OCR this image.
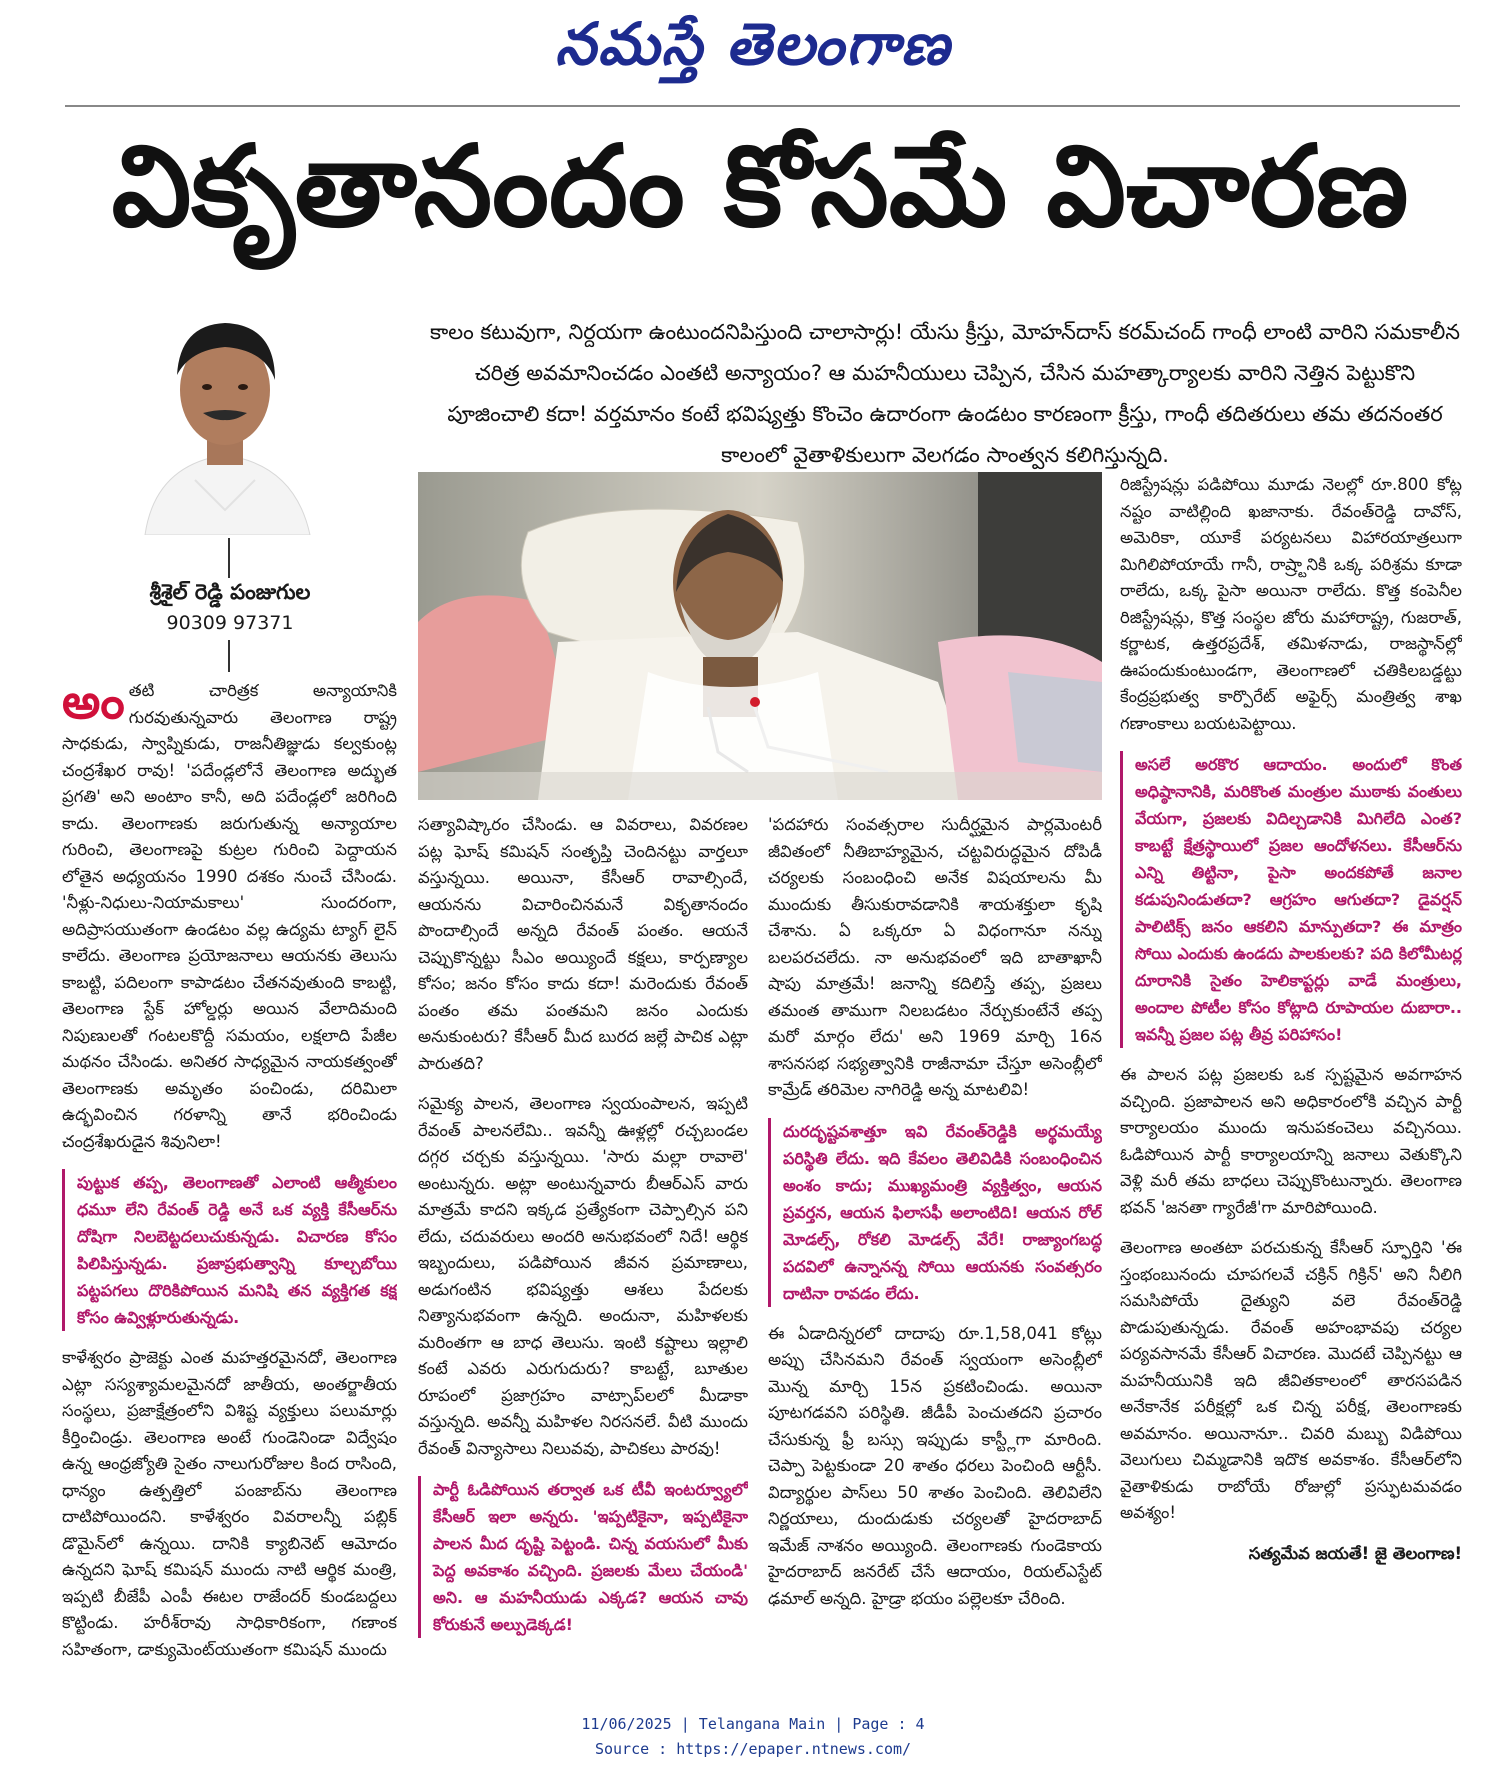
నమస్తే తెలంగాణ
వికృతానందం కోసమే విచారణ
శ్రీశైల్ రెడ్డి పంజుగుల
90309 97371
కాలం కటువుగా, నిర్దయగా ఉంటుందనిపిస్తుంది చాలాసార్లు! యేసు క్రీస్తు, మోహన్‌దాస్ కరమ్‌చంద్ గాంధీ లాంటి వారిని సమకాలీన చరిత్ర అవమానించడం ఎంతటి అన్యాయం? ఆ మహనీయులు చెప్పిన, చేసిన మహత్కార్యాలకు వారిని నెత్తిన పెట్టుకొని పూజించాలి కదా! వర్తమానం కంటే భవిష్యత్తు కొంచెం ఉదారంగా ఉండటం కారణంగా క్రీస్తు, గాంధీ తదితరులు తమ తదనంతర కాలంలో వైతాళికులుగా వెలగడం సాంత్వన కలిగిస్తున్నది.

అంతటి చారిత్రక అన్యాయానికి గురవుతున్నవారు తెలంగాణ రాష్ట్ర సాధకుడు, స్వాప్నికుడు, రాజనీతిజ్ఞుడు కల్వకుంట్ల చంద్రశేఖర రావు! 'పదేండ్లలోనే తెలంగాణ అద్భుత ప్రగతి' అని అంటాం కానీ, అది పదేండ్లలో జరిగింది కాదు. తెలంగాణకు జరుగుతున్న అన్యాయాల గురించి, తెలంగాణపై కుట్రల గురించి పెద్దాయన లోతైన అధ్యయనం 1990 దశకం నుంచే చేసిండు. 'నీళ్లు-నిధులు-నియామకాలు' సుందరంగా, అదిప్రాసయుతంగా ఉండటం వల్ల ఉద్యమ ట్యాగ్ లైన్ కాలేదు. తెలంగాణ ప్రయోజనాలు ఆయనకు తెలుసు కాబట్టి, పదిలంగా కాపాడటం చేతనవుతుంది కాబట్టి, తెలంగాణ స్టేక్ హోల్డర్లు అయిన వేలాదిమంది నిపుణులతో గంటలకొద్దీ సమయం, లక్షలాది పేజీల మథనం చేసిండు. అనితర సాధ్యమైన నాయకత్వంతో తెలంగాణకు అమృతం పంచిండు, దరిమిలా ఉద్భవించిన గరళాన్ని తానే భరించిండు చంద్రశేఖరుడైన శివునిలా!

పుట్టుక తప్ప, తెలంగాణతో ఎలాంటి ఆత్మీకులం ధమూ లేని రేవంత్ రెడ్డి అనే ఒక వ్యక్తి కేసీఆర్‌ను దోషిగా నిలబెట్టదలుచుకున్నడు. విచారణ కోసం పిలిపిస్తున్నడు. ప్రజాప్రభుత్వాన్ని కూల్చబోయి పట్టపగలు దొరికిపోయిన మనిషి తన వ్యక్తిగత కక్ష కోసం ఉవ్విళ్లూరుతున్నడు.

కాళేశ్వరం ప్రాజెక్టు ఎంత మహత్తరమైనదో, తెలంగాణ ఎట్లా సస్యశ్యామలమైనదో జాతీయ, అంతర్జాతీయ సంస్థలు, ప్రజాక్షేత్రంలోని విశిష్ట వ్యక్తులు పలుమార్లు కీర్తించిండ్రు. తెలంగాణ అంటే గుండెనిండా విద్వేషం ఉన్న ఆంధ్రజ్యోతి సైతం నాలుగురోజుల కింద రాసింది, ధాన్యం ఉత్పత్తిలో పంజాబ్‌ను తెలంగాణ దాటిపోయిందని. కాళేశ్వరం వివరాలన్నీ పబ్లిక్ డొమైన్‌లో ఉన్నయి. దానికి క్యాబినెట్ ఆమోదం ఉన్నదని ఘోష్ కమిషన్ ముందు నాటి ఆర్థిక మంత్రి, ఇప్పటి బీజేపీ ఎంపీ ఈటల రాజేందర్ కుండబద్దలు కొట్టిండు. హరీశ్‌రావు సాధికారికంగా, గణాంక సహితంగా, డాక్యుమెంట్‌యుతంగా కమిషన్ ముందు

సత్యావిష్కారం చేసిండు. ఆ వివరాలు, వివరణల పట్ల ఘోష్ కమిషన్ సంతృప్తి చెందినట్టు వార్తలూ వస్తున్నయి. అయినా, కేసీఆర్ రావాల్సిందే, ఆయనను విచారించినమనే వికృతానందం పొందాల్సిందే అన్నది రేవంత్ పంతం. ఆయనే చెప్పుకొన్నట్టు సీఎం అయ్యిందే కక్షలు, కార్పణ్యాల కోసం; జనం కోసం కాదు కదా! మరెందుకు రేవంత్ పంతం తమ పంతమని జనం ఎందుకు అనుకుంటరు? కేసీఆర్ మీద బురద జల్లే పాచిక ఎట్లా పారుతది?

సమైక్య పాలన, తెలంగాణ స్వయంపాలన, ఇప్పటి రేవంత్ పాలనలేమి.. ఇవన్నీ ఊళ్లల్లో రచ్చబండల దగ్గర చర్చకు వస్తున్నయి. 'సారు మల్లా రావాలె' అంటున్నరు. అట్లా అంటున్నవారు బీఆర్‌ఎస్ వారు మాత్రమే కాదని ఇక్కడ ప్రత్యేకంగా చెప్పాల్సిన పని లేదు, చదువరులు అందరి అనుభవంలో నిదే! ఆర్థిక ఇబ్బందులు, పడిపోయిన జీవన ప్రమాణాలు, అడుగంటిన భవిష్యత్తు ఆశలు పేదలకు నిత్యానుభవంగా ఉన్నది. అందునా, మహిళలకు మరింతగా ఆ బాధ తెలుసు. ఇంటి కష్టాలు ఇల్లాలి కంటే ఎవరు ఎరుగుదురు? కాబట్టే, బూతుల రూపంలో ప్రజాగ్రహం వాట్సాప్‌లలో మీడాకా వస్తున్నది. అవన్నీ మహిళల నిరసనలే. వీటి ముందు రేవంత్ విన్యాసాలు నిలువవు, పాచికలు పారవు!

పార్టీ ఓడిపోయిన తర్వాత ఒక టీవీ ఇంటర్వ్యూలో కేసీఆర్ ఇలా అన్నరు. 'ఇప్పటికైనా, ఇప్పటికైనా పాలన మీద దృష్టి పెట్టండి. చిన్న వయసులో మీకు పెద్ద అవకాశం వచ్చింది. ప్రజలకు మేలు చేయండి' అని. ఆ మహనీయుడు ఎక్కడ? ఆయన చావు కోరుకునే అల్పుడెక్కడ!

'పదహారు సంవత్సరాల సుదీర్ఘమైన పార్లమెంటరీ జీవితంలో నీతిబాహ్యమైన, చట్టవిరుద్ధమైన దోపిడీ చర్యలకు సంబంధించి అనేక విషయాలను మీ ముందుకు తీసుకురావడానికి శాయశక్తులా కృషి చేశాను. ఏ ఒక్కరూ ఏ విధంగానూ నన్ను బలపరచలేదు. నా అనుభవంలో ఇది బాతాఖానీ షాపు మాత్రమే! జనాన్ని కదిలిస్తే తప్ప, ప్రజలు తమంత తాముగా నిలబడటం నేర్చుకుంటేనే తప్ప మరో మార్గం లేదు' అని 1969 మార్చి 16న శాసనసభ సభ్యత్వానికి రాజీనామా చేస్తూ అసెంబ్లీలో కామ్రేడ్ తరిమెల నాగిరెడ్డి అన్న మాటలివి!

దురదృష్టవశాత్తూ ఇవి రేవంత్‌రెడ్డికి అర్థమయ్యే పరిస్థితి లేదు. ఇది కేవలం తెలివిడికి సంబంధించిన అంశం కాదు; ముఖ్యమంత్రి వ్యక్తిత్వం, ఆయన ప్రవర్తన, ఆయన ఫిలాసఫీ అలాంటిది! ఆయన రోల్ మోడల్స్, రోకలి మోడల్స్ వేరే! రాజ్యాంగబద్ధ పదవిలో ఉన్నానన్న సోయి ఆయనకు సంవత్సరం దాటినా రావడం లేదు.

ఈ ఏడాదిన్నరలో దాదాపు రూ.1,58,041 కోట్లు అప్పు చేసినమని రేవంత్ స్వయంగా అసెంబ్లీలో మొన్న మార్చి 15న ప్రకటించిండు. అయినా పూటగడవని పరిస్థితి. జీడీపీ పెంచుతదని ప్రచారం చేసుకున్న ఫ్రీ బస్సు ఇప్పుడు కాస్ట్లీగా మారింది. చెప్పా పెట్టకుండా 20 శాతం ధరలు పెంచింది ఆర్టీసీ. విద్యార్థుల పాస్‌లు 50 శాతం పెంచింది. తెలివిలేని నిర్ణయాలు, దుందుడుకు చర్యలతో హైదరాబాద్ ఇమేజ్ నాశనం అయ్యింది. తెలంగాణకు గుండెకాయ హైదరాబాద్ జనరేట్ చేసే ఆదాయం, రియల్‌ఎస్టేట్ ఢమాల్ అన్నది. హైడ్రా భయం పల్లెలకూ చేరింది.

రిజిస్ట్రేషన్లు పడిపోయి మూడు నెలల్లో రూ.800 కోట్ల నష్టం వాటిల్లింది ఖజానాకు. రేవంత్‌రెడ్డి దావోస్, అమెరికా, యూకే పర్యటనలు విహారయాత్రలుగా మిగిలిపోయాయే గానీ, రాష్ర్టానికి ఒక్క పరిశ్రమ కూడా రాలేదు, ఒక్క పైసా అయినా రాలేదు. కొత్త కంపెనీల రిజిస్ట్రేషన్లు, కొత్త సంస్థల జోరు మహారాష్ట్ర, గుజరాత్, కర్ణాటక, ఉత్తరప్రదేశ్, తమిళనాడు, రాజస్థాన్‌ల్లో ఊపందుకుంటుండగా, తెలంగాణలో చతికిలబడ్డట్టు కేంద్రప్రభుత్వ కార్పొరేట్ అఫైర్స్ మంత్రిత్వ శాఖ గణాంకాలు బయటపెట్టాయి.

అసలే అరకొర ఆదాయం. అందులో కొంత అధిష్ఠానానికి, మరికొంత మంత్రుల ముఠాకు వంతులు వేయగా, ప్రజలకు విదిల్చడానికి మిగిలేది ఎంత? కాబట్టే క్షేత్రస్థాయిలో ప్రజల ఆందోళనలు. కేసీఆర్‌ను ఎన్ని తిట్టినా, పైసా అందకపోతే జనాల కడుపునిండుతదా? ఆగ్రహం ఆగుతదా? డైవర్షన్ పాలిటిక్స్ జనం ఆకలిని మాన్పుతదా? ఈ మాత్రం సోయి ఎందుకు ఉండదు పాలకులకు? పది కిలోమీటర్ల దూరానికి సైతం హెలికాప్టర్లు వాడే మంత్రులు, అందాల పోటీల కోసం కోట్లాది రూపాయల దుబారా.. ఇవన్నీ ప్రజల పట్ల తీవ్ర పరిహాసం!

ఈ పాలన పట్ల ప్రజలకు ఒక స్పష్టమైన అవగాహన వచ్చింది. ప్రజాపాలన అని అధికారంలోకి వచ్చిన పార్టీ కార్యాలయం ముందు ఇనుపకంచెలు వచ్చినయి. ఓడిపోయిన పార్టీ కార్యాలయాన్ని జనాలు వెతుక్కొని వెళ్లి మరీ తమ బాధలు చెప్పుకొంటున్నారు. తెలంగాణ భవన్ 'జనతా గ్యారేజీ'గా మారిపోయింది.

తెలంగాణ అంతటా పరచుకున్న కేసీఆర్ స్ఫూర్తిని 'ఈ స్తంభంబునందు చూపగలవే చక్రిన్ గిక్రిన్' అని నీలిగి సమసిపోయే దైత్యుని వలె రేవంత్‌రెడ్డి పొడుపుతున్నడు. రేవంత్ అహంభావపు చర్యల పర్యవసానమే కేసీఆర్ విచారణ. మొదటే చెప్పినట్టు ఆ మహనీయునికి ఇది జీవితకాలంలో తారసపడిన అనేకానేక పరీక్షల్లో ఒక చిన్న పరీక్ష, తెలంగాణకు అవమానం. అయినానూ.. చివరి మబ్బు విడిపోయి వెలుగులు చిమ్మడానికి ఇదొక అవకాశం. కేసీఆర్‌లోని వైతాళికుడు రాబోయే రోజుల్లో ప్రస్ఫుటమవడం అవశ్యం!

సత్యమేవ జయతే! జై తెలంగాణ!

11/06/2025 | Telangana Main | Page : 4
Source : https://epaper.ntnews.com/
